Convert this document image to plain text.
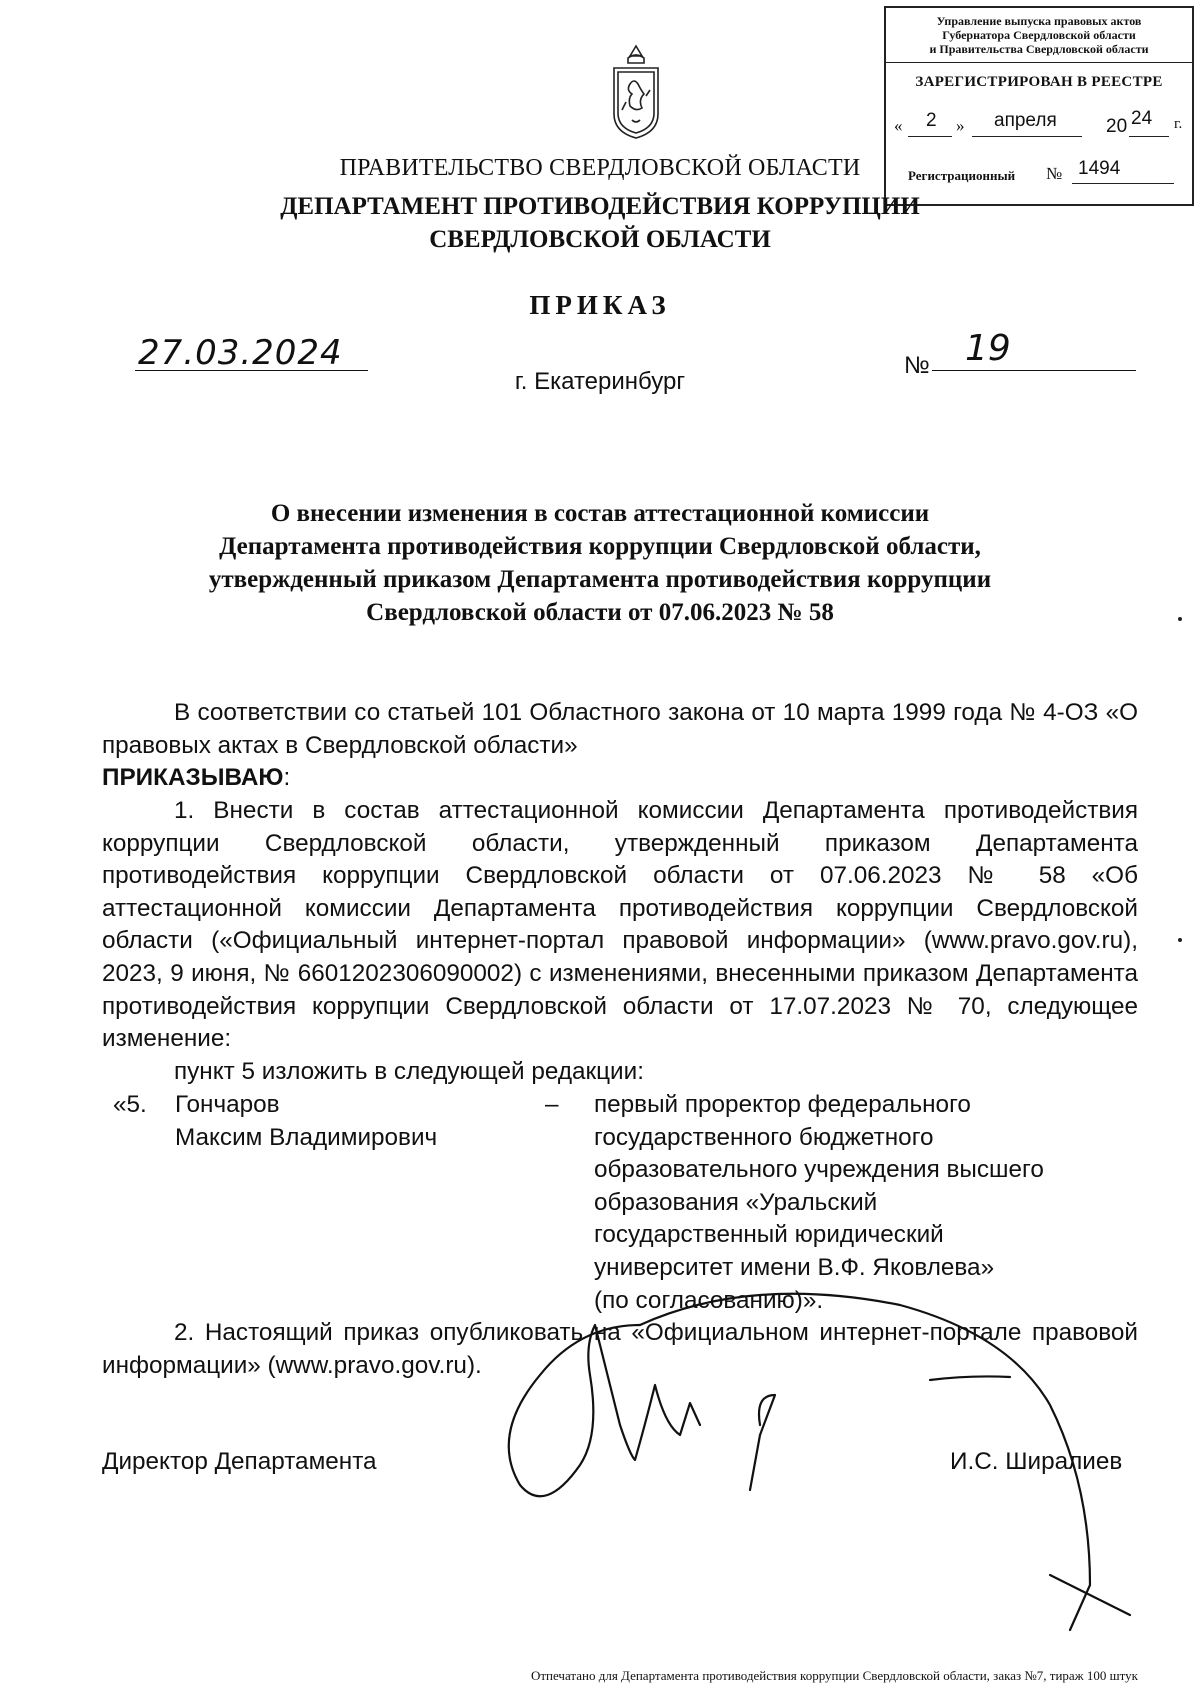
Управление выпуска правовых актов
Губернатора Свердловской области
и Правительства Свердловской области
ЗАРЕГИСТРИРОВАН В РЕЕСТРЕ
« 2 » апреля	20 24 г.
Регистрационный № 1494
ПРАВИТЕЛЬСТВО СВЕРДЛОВСКОЙ ОБЛАСТИ
ДЕПАРТАМЕНТ ПРОТИВОДЕЙСТВИЯ КОРРУПЦИИ
СВЕРДЛОВСКОЙ ОБЛАСТИ
ПРИКАЗ
27.03.2024	№ 19
г. Екатеринбург
О внесении изменения в состав аттестационной комиссии
Департамента противодействия коррупции Свердловской области,
утвержденный приказом Департамента противодействия коррупции
Свердловской области от 07.06.2023 № 58
В соответствии со статьей 101 Областного закона от 10 марта 1999 года № 4-ОЗ «О правовых актах в Свердловской области»
ПРИКАЗЫВАЮ:
1. Внести в состав аттестационной комиссии Департамента противодействия коррупции Свердловской области, утвержденный приказом Департамента противодействия коррупции Свердловской области от 07.06.2023 № 58 «Об аттестационной комиссии Департамента противодействия коррупции Свердловской области («Официальный интернет-портал правовой информации» (www.pravo.gov.ru), 2023, 9 июня, № 6601202306090002) с изменениями, внесенными приказом Департамента противодействия коррупции Свердловской области от 17.07.2023 № 70, следующее изменение:
пункт 5 изложить в следующей редакции:
«5. Гончаров
Максим Владимирович
– первый проректор федерального
государственного бюджетного
образовательного учреждения высшего
образования «Уральский
государственный юридический
университет имени В.Ф. Яковлева»
(по согласованию)».
2. Настоящий приказ опубликовать на «Официальном интернет-портале правовой информации» (www.pravo.gov.ru).
Директор Департамента	И.С. Ширалиев
Отпечатано для Департамента противодействия коррупции Свердловской области, заказ №7, тираж 100 штук
